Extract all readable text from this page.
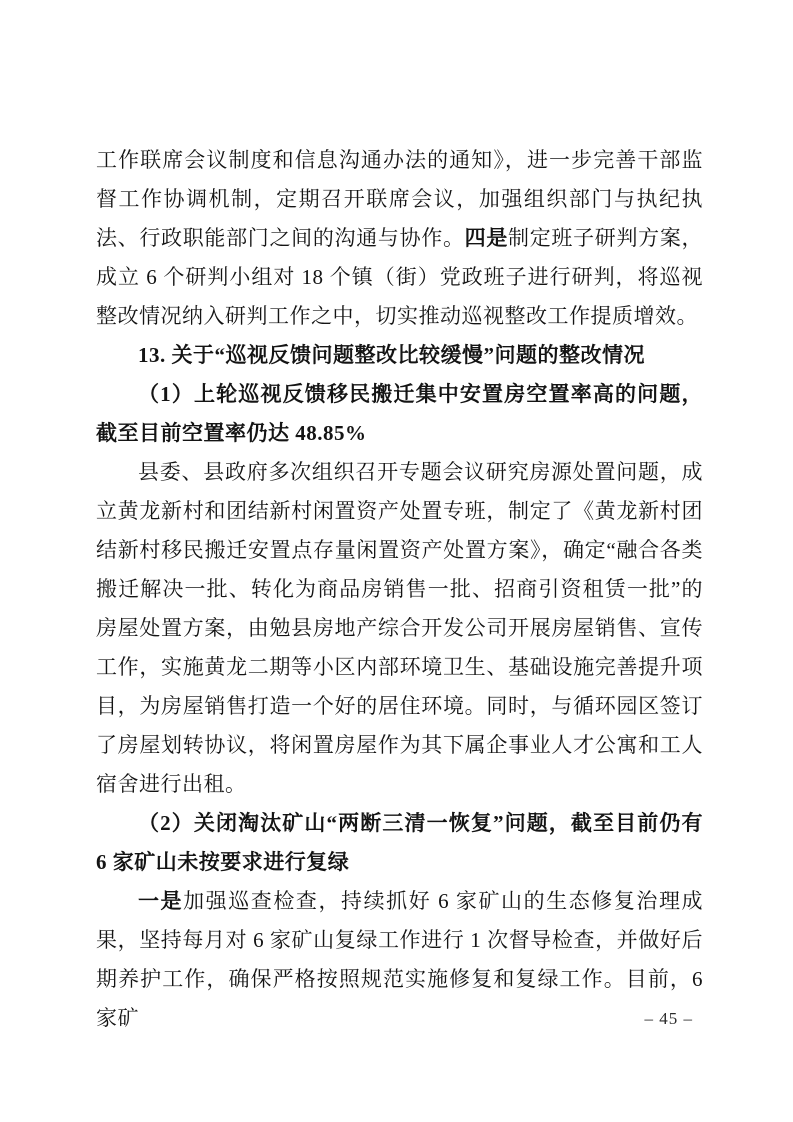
工作联席会议制度和信息沟通办法的通知》，进一步完善干部监督工作协调机制，定期召开联席会议，加强组织部门与执纪执法、行政职能部门之间的沟通与协作。四是制定班子研判方案，成立 6 个研判小组对 18 个镇（街）党政班子进行研判，将巡视整改情况纳入研判工作之中，切实推动巡视整改工作提质增效。

13. 关于“巡视反馈问题整改比较缓慢”问题的整改情况

（1）上轮巡视反馈移民搬迁集中安置房空置率高的问题，截至目前空置率仍达 48.85%

县委、县政府多次组织召开专题会议研究房源处置问题，成立黄龙新村和团结新村闲置资产处置专班，制定了《黄龙新村团结新村移民搬迁安置点存量闲置资产处置方案》，确定“融合各类搬迁解决一批、转化为商品房销售一批、招商引资租赁一批”的房屋处置方案，由勉县房地产综合开发公司开展房屋销售、宣传工作，实施黄龙二期等小区内部环境卫生、基础设施完善提升项目，为房屋销售打造一个好的居住环境。同时，与循环园区签订了房屋划转协议，将闲置房屋作为其下属企事业人才公寓和工人宿舍进行出租。

（2）关闭淘汰矿山“两断三清一恢复”问题，截至目前仍有 6 家矿山未按要求进行复绿

一是加强巡查检查，持续抓好 6 家矿山的生态修复治理成果，坚持每月对 6 家矿山复绿工作进行 1 次督导检查，并做好后期养护工作，确保严格按照规范实施修复和复绿工作。目前，6 家矿	– 45 –
